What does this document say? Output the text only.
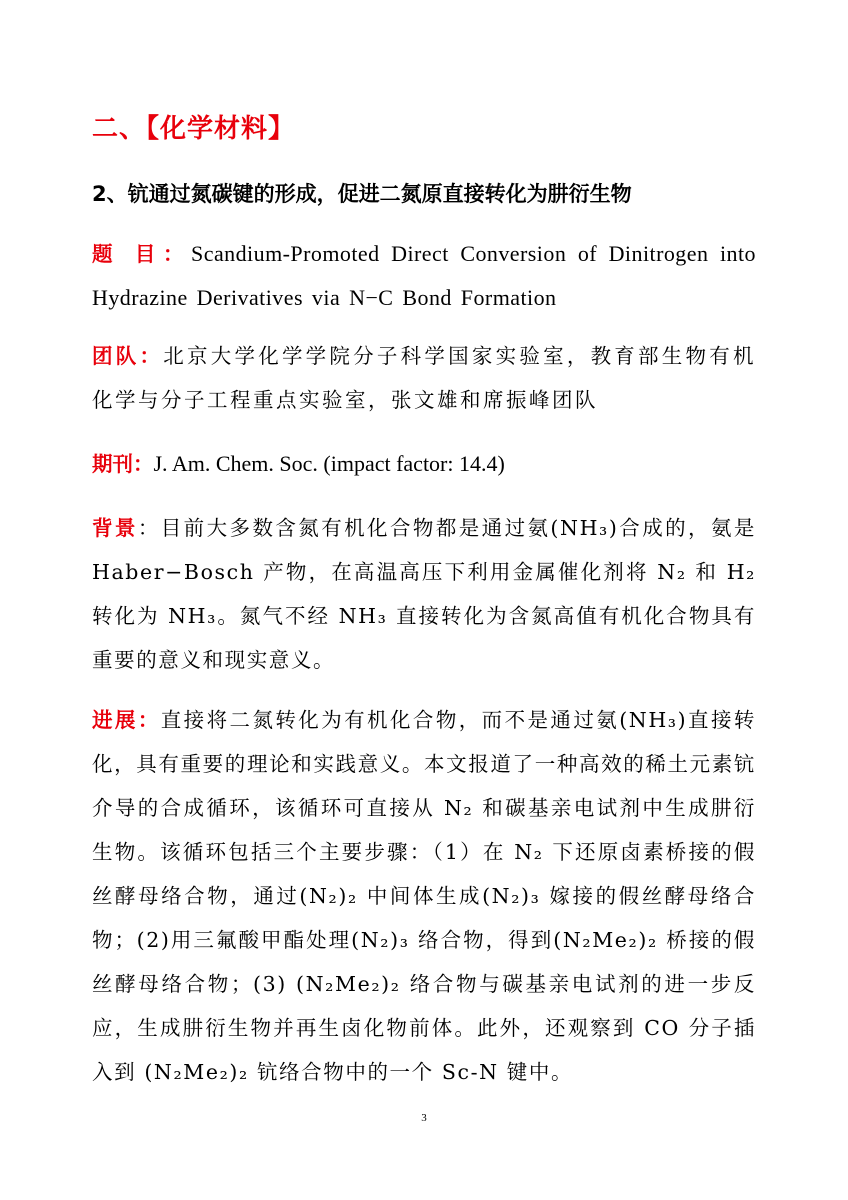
二、【化学材料】
2、钪通过氮碳键的形成，促进二氮原直接转化为肼衍生物
题 目：Scandium-Promoted Direct Conversion of Dinitrogen into Hydrazine Derivatives via N−C Bond Formation
团队：北京大学化学学院分子科学国家实验室，教育部生物有机化学与分子工程重点实验室，张文雄和席振峰团队
期刊：J. Am. Chem. Soc. (impact factor: 14.4)
背景：目前大多数含氮有机化合物都是通过氨(NH₃)合成的，氨是 Haber−Bosch 产物，在高温高压下利用金属催化剂将 N₂ 和 H₂ 转化为 NH₃。氮气不经 NH₃ 直接转化为含氮高值有机化合物具有重要的意义和现实意义。
进展：直接将二氮转化为有机化合物，而不是通过氨(NH₃)直接转化，具有重要的理论和实践意义。本文报道了一种高效的稀土元素钪介导的合成循环，该循环可直接从 N₂ 和碳基亲电试剂中生成肼衍生物。该循环包括三个主要步骤：（1）在 N₂ 下还原卤素桥接的假丝酵母络合物，通过(N₂)₂ 中间体生成(N₂)₃ 嫁接的假丝酵母络合物；(2)用三氟酸甲酯处理(N₂)₃ 络合物，得到(N₂Me₂)₂ 桥接的假丝酵母络合物；(3) (N₂Me₂)₂ 络合物与碳基亲电试剂的进一步反应，生成肼衍生物并再生卤化物前体。此外，还观察到 CO 分子插入到 (N₂Me₂)₂ 钪络合物中的一个 Sc-N 键中。
3
